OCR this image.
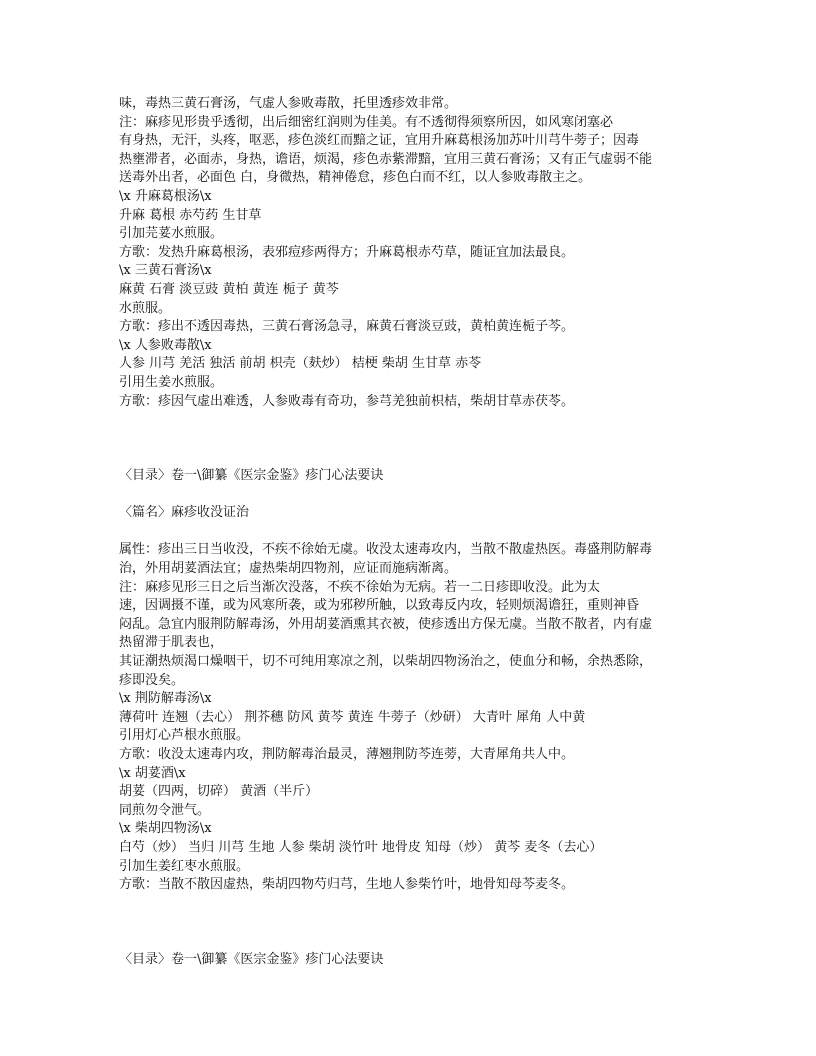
味，毒热三黄石膏汤，气虚人参败毒散，托里透疹效非常。
注：麻疹见形贵乎透彻，出后细密红润则为佳美。有不透彻得须察所因，如风寒闭塞必
有身热，无汗，头疼，呕恶，疹色淡红而黯之证，宜用升麻葛根汤加苏叶川芎牛蒡子；因毒
热壅滞者，必面赤，身热，谵语，烦渴，疹色赤紫滞黯，宜用三黄石膏汤；又有正气虚弱不能
送毒外出者，必面色 白，身微热，精神倦怠，疹色白而不红，以人参败毒散主之。
\x 升麻葛根汤\x
升麻 葛根 赤芍药 生甘草
引加芫荽水煎服。
方歌：发热升麻葛根汤，表邪痘疹两得方；升麻葛根赤芍草，随证宜加法最良。
\x 三黄石膏汤\x
麻黄 石膏 淡豆豉 黄柏 黄连 栀子 黄芩
水煎服。
方歌：疹出不透因毒热，三黄石膏汤急寻，麻黄石膏淡豆豉，黄柏黄连栀子芩。
\x 人参败毒散\x
人参 川芎 羌活 独活 前胡 枳壳（麸炒） 桔梗 柴胡 生甘草 赤苓
引用生姜水煎服。
方歌：疹因气虚出难透，人参败毒有奇功，参芎羌独前枳桔，柴胡甘草赤茯苓。
〈目录〉卷一\御纂《医宗金鉴》疹门心法要诀
〈篇名〉麻疹收没证治
属性：疹出三日当收没，不疾不徐始无虞。收没太速毒攻内，当散不散虚热医。毒盛荆防解毒
治，外用胡荽酒法宜；虚热柴胡四物剂，应证而施病渐离。
注：麻疹见形三日之后当渐次没落，不疾不徐始为无病。若一二日疹即收没。此为太
速，因调摄不谨，或为风寒所袭，或为邪秽所触，以致毒反内攻，轻则烦渴谵狂，重则神昏
闷乱。急宜内服荆防解毒汤，外用胡荽酒熏其衣被，使疹透出方保无虞。当散不散者，内有虚
热留滞于肌表也，
其证潮热烦渴口燥咽干，切不可纯用寒凉之剂，以柴胡四物汤治之，使血分和畅，余热悉除，
疹即没矣。
\x 荆防解毒汤\x
薄荷叶 连翘（去心） 荆芥穗 防风 黄芩 黄连 牛蒡子（炒研） 大青叶 犀角 人中黄
引用灯心芦根水煎服。
方歌：收没太速毒内攻，荆防解毒治最灵，薄翘荆防芩连蒡，大青犀角共人中。
\x 胡荽酒\x
胡荽（四两，切碎） 黄酒（半斤）
同煎勿令泄气。
\x 柴胡四物汤\x
白芍（炒） 当归 川芎 生地 人参 柴胡 淡竹叶 地骨皮 知母（炒） 黄芩 麦冬（去心）
引加生姜红枣水煎服。
方歌：当散不散因虚热，柴胡四物芍归芎，生地人参柴竹叶，地骨知母芩麦冬。
〈目录〉卷一\御纂《医宗金鉴》疹门心法要诀
